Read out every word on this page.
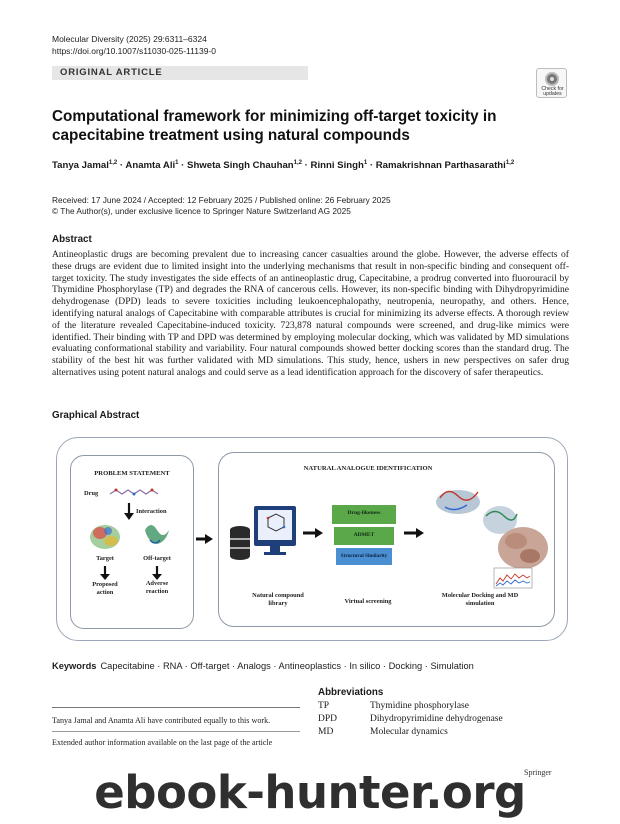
Molecular Diversity (2025) 29:6311–6324
https://doi.org/10.1007/s11030-025-11139-0
ORIGINAL ARTICLE
Check for updates
Computational framework for minimizing off-target toxicity in capecitabine treatment using natural compounds
Tanya Jamal$^{1,2}$ · Anamta Ali$^1$ · Shweta Singh Chauhan$^{1,2}$ · Rinni Singh$^1$ · Ramakrishnan Parthasarathi$^{1,2}$
Received: 17 June 2024 / Accepted: 12 February 2025 / Published online: 26 February 2025
© The Author(s), under exclusive licence to Springer Nature Switzerland AG 2025
Abstract

Antineoplastic drugs are becoming prevalent due to increasing cancer casualties around the globe. However, the adverse effects of these drugs are evident due to limited insight into the underlying mechanisms that result in non-specific binding and consequent off-target toxicity. The study investigates the side effects of an antineoplastic drug, Capecitabine, a prodrug converted into fluorouracil by Thymidine Phosphorylase (TP) and degrades the RNA of cancerous cells. However, its non-specific binding with Dihydropyrimidine dehydrogenase (DPD) leads to severe toxicities including leukoencephalopathy, neutropenia, neuropathy, and others. Hence, identifying natural analogs of Capecitabine with comparable attributes is crucial for minimizing its adverse effects. A thorough review of the literature revealed Capecitabine-induced toxicity. 723,878 natural compounds were screened, and drug-like mimics were identified. Their binding with TP and DPD was determined by employing molecular docking, which was validated by MD simulations evaluating conformational stability and variability. Four natural compounds showed better docking scores than the standard drug. The stability of the best hit was further validated with MD simulations. This study, hence, ushers in new perspectives on safer drug alternatives using potent natural analogs and could serve as a lead identification approach for the discovery of safer therapeutics.

Graphical Abstract
PROBLEM STATEMENT
Drug
Interaction
Target	Off-target
Proposed action
Adverse reaction
NATURAL ANALOGUE IDENTIFICATION
Drug-likeness
ADMET
Structural Similarity
Natural compound library	Virtual screening
Molecular Docking and MD simulation
Keywords Capecitabine · RNA · Off-target · Analogs · Antineoplastics · In silico · Docking · Simulation
Abbreviations
TP	Thymidine phosphorylase
DPD	Dihydropyrimidine dehydrogenase
MD	Molecular dynamics
Tanya Jamal and Anamta Ali have contributed equally to this work.
Extended author information available on the last page of the article
Springer
ebook-hunter.org
